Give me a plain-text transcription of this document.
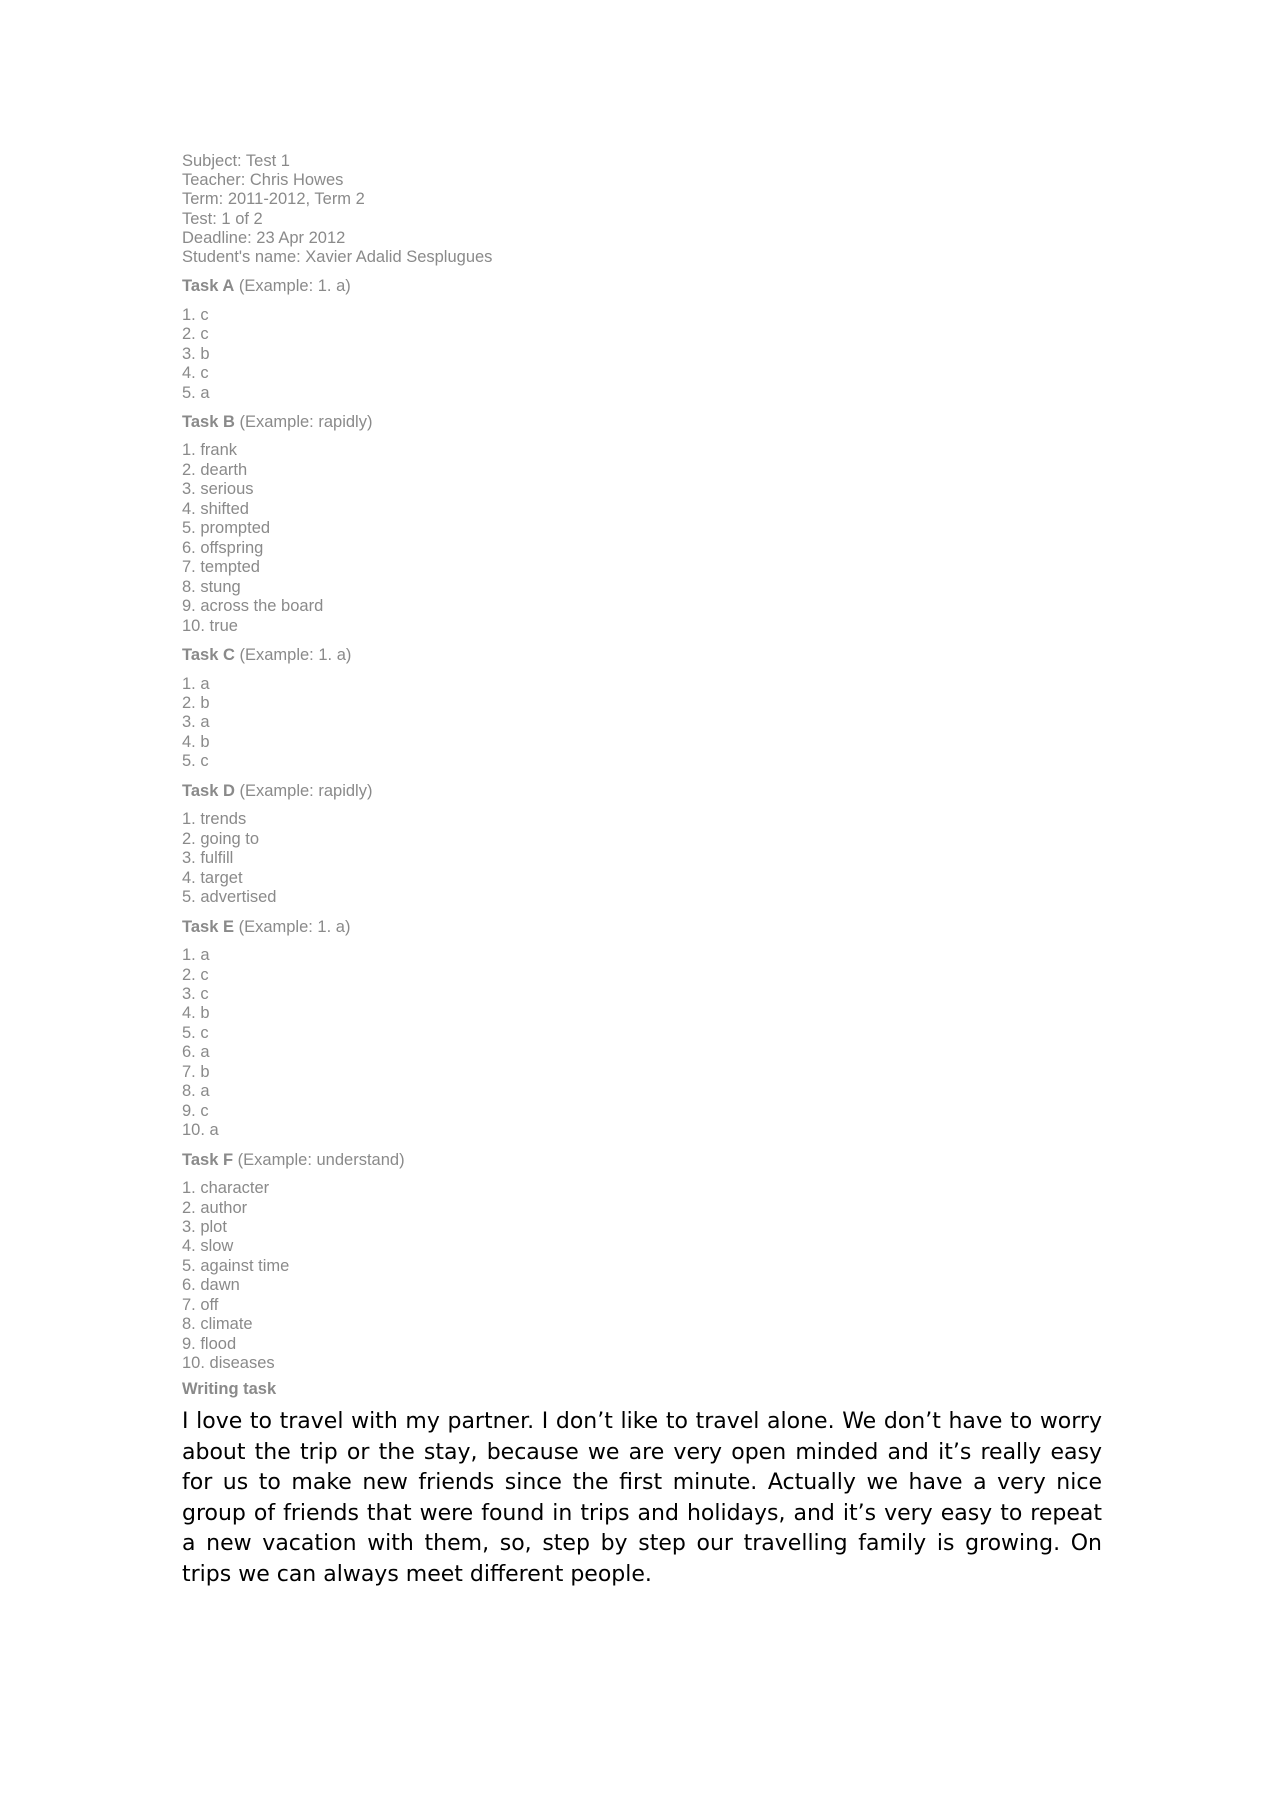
Subject: Test 1
Teacher: Chris Howes
Term: 2011-2012, Term 2
Test: 1 of 2
Deadline: 23 Apr 2012
Student's name: Xavier Adalid Sesplugues
Task A (Example: 1. a)
1. c
2. c
3. b
4. c
5. a
Task B (Example: rapidly)
1. frank
2. dearth
3. serious
4. shifted
5. prompted
6. offspring
7. tempted
8. stung
9. across the board
10. true
Task C (Example: 1. a)
1. a
2. b
3. a
4. b
5. c
Task D (Example: rapidly)
1. trends
2. going to
3. fulfill
4. target
5. advertised
Task E (Example: 1. a)
1. a
2. c
3. c
4. b
5. c
6. a
7. b
8. a
9. c
10. a
Task F (Example: understand)
1. character
2. author
3. plot
4. slow
5. against time
6. dawn
7. off
8. climate
9. flood
10. diseases
Writing task

I love to travel with my partner. I don’t like to travel alone. We don’t have to worry about the trip or the stay, because we are very open minded and it’s really easy for us to make new friends since the first minute. Actually we have a very nice group of friends that were found in trips and holidays, and it’s very easy to repeat a new vacation with them, so, step by step our travelling family is growing. On trips we can always meet different people.
